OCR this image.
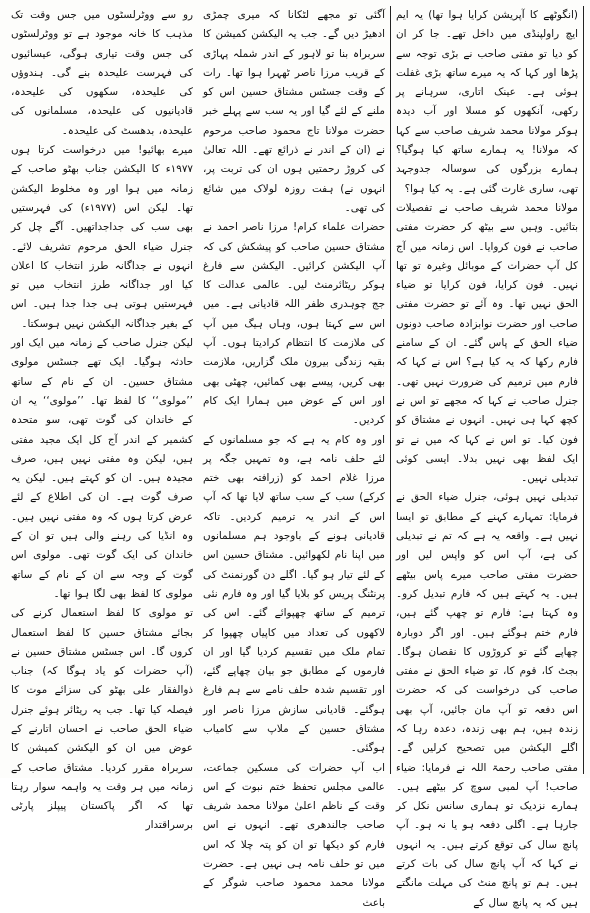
رو سے ووٹرلسٹوں میں جس وقت تک مذہب کا خانہ موجود ہے تو ووٹرلسٹوں کی جس وقت تیاری ہوگی، عیسائیوں کی فہرست علیحدہ بنے گی۔ ہندوؤں کی علیحدہ، سکھوں کی علیحدہ، قادیانیوں کی علیحدہ، مسلمانوں کی علیحدہ، بدھسٹ کی علیحدہ۔

میرے بھائیو! میں درخواست کرتا ہوں ۱۹۷۷ء کا الیکشن جناب بھٹو صاحب کے زمانہ میں ہوا اور وہ مخلوط الیکشن تھا۔ لیکن اس (۱۹۷۷ء) کی فہرستیں بھی سب کی جداجداتھیں۔ آگے چل کر جنرل ضیاء الحق مرحوم تشریف لائے۔ انہوں نے جداگانہ طرز انتخاب کا اعلان کیا اور جداگانہ طرز انتخاب میں تو فہرستیں ہوتی ہی جدا جدا ہیں۔ اس کے بغیر جداگانہ الیکشن نہیں ہوسکتا۔

لیکن جنرل صاحب کے زمانہ میں ایک اور حادثہ ہوگیا۔ ایک تھے جسٹس مولوی مشتاق حسین۔ ان کے نام کے ساتھ ’’مولوی‘‘ کا لفظ تھا۔ ’’مولوی‘‘ یہ ان کے خاندان کی گوت تھی، سو متحدہ کشمیر کے اندر آج کل ایک مجید مفتی ہیں، لیکن وہ مفتی نہیں ہیں، صرف مجیدہ ہیں۔ ان کو کہتے ہیں۔ لیکن یہ صرف گوت ہے۔ ان کی اطلاع کے لئے عرض کرتا ہوں کہ وہ مفتی نہیں ہیں۔ وہ انڈیا کی رہنے والی ہیں تو ان کے خاندان کی ایک گوت تھی۔ مولوی اس گوت کے وجہ سے ان کے نام کے ساتھ مولوی کا لفظ بھی لگا ہوا تھا۔

تو مولوی کا لفظ استعمال کرنے کی بجائے مشتاق حسین کا لفظ استعمال کروں گا۔ اس جسٹس مشتاق حسین نے (آپ حضرات کو یاد ہوگا کہ) جناب ذوالفقار علی بھٹو کی سزائے موت کا فیصلہ کیا تھا۔ جب یہ ریٹائر ہوئے جنرل ضیاء الحق صاحب نے احسان اتارنے کے عوض میں ان کو الیکشن کمیشن کا سربراہ مقرر کردیا۔ مشتاق صاحب کے زمانہ میں ہر وقت یہ واہمہ سوار رہتا تھا کہ اگر پاکستان پیپلز پارٹی برسراقتدار

آگئی تو مجھے لٹکانا کہ میری چمڑی ادھیڑ دیں گے۔ جب یہ الیکشن کمیشن کا سربراہ بنا تو لاہور کے اندر شملہ پہاڑی کے قریب مرزا ناصر ٹھہرا ہوا تھا۔ رات کے وقت جسٹس مشتاق حسین اس کو ملنے کے لئے گیا اور یہ سب سے پہلے خبر حضرت مولانا تاج محمود صاحب مرحوم نے (ان کے اندر نے ذرائع تھے۔ اللہ تعالیٰ کی کروڑ رحمتیں ہوں ان کی تربت پر، انہوں نے) ہفت روزہ لولاک میں شائع کی تھی۔

حضرات علماء کرام! مرزا ناصر احمد نے مشتاق حسین صاحب کو پیشکش کی کہ آپ الیکشن کرائیں۔ الیکشن سے فارغ ہوکر ریٹائرمنٹ لیں۔ عالمی عدالت کا جج چوہدری ظفر اللہ قادیانی ہے۔ میں اس سے کہتا ہوں، وہاں ہیگ میں آپ کی ملازمت کا انتظام کرادیتا ہوں۔ آپ بقیہ زندگی بیرون ملک گزاریں، ملازمت بھی کریں، پیسے بھی کمائیں، چھٹی بھی اور اس کے عوض میں ہمارا ایک کام کردیں۔

اور وہ کام یہ ہے کہ جو مسلمانوں کے لئے حلف نامہ ہے، وہ تمہیں جگہ پر مرزا غلام احمد کو (زرافتہ بھی ختم کرکے) سب کے سب ساتھ لایا تھا کہ آپ اس کے اندر یہ ترمیم کردیں۔ تاکہ قادیانی ہونے کے باوجود ہم مسلمانوں میں اپنا نام لکھوائیں۔ مشتاق حسین اس کے لئے تیار ہو گیا۔ اگلے دن گورنمنٹ کی پرنٹنگ پریس کو بلایا گیا اور وہ فارم نئی ترمیم کے ساتھ چھپوائے گئے۔ اس کی لاکھوں کی تعداد میں کاپیاں چھپوا کر تمام ملک میں تقسیم کردیا گیا اور ان فارموں کے مطابق جو بیان چھاپے گئے، اور تقسیم شدہ حلف نامے سے ہم فارغ ہوگئے۔ قادیانی سازش مرزا ناصر اور مشتاق حسین کے ملاپ سے کامیاب ہوگئی۔

اب آپ حضرات کی مسکین جماعت، عالمی مجلس تحفظ ختم نبوت کے اس وقت کے ناظم اعلیٰ مولانا محمد شریف صاحب جالندھری تھے۔ انہوں نے اس فارم کو دیکھا تو ان کو پتہ چلا کہ اس میں تو حلف نامہ ہی نہیں ہے۔ حضرت مولانا محمد محمود صاحب شوگر کے باعث

(انگوٹھے کا آپریشن کرایا ہوا تھا) یہ ایم ایچ راولپنڈی میں داخل تھے۔ جا کر ان کو دیا تو مفتی صاحب نے بڑی توجہ سے پڑھا اور کہا کہ یہ میرے ساتھ بڑی غفلت ہوئی ہے۔ عینک اتاری، سرہانے پر رکھی، آنکھوں کو مسلا اور آب دیدہ ہوکر مولانا محمد شریف صاحب سے کہا کہ مولانا! یہ ہمارے ساتھ کیا ہوگیا؟ ہمارے بزرگوں کی سوسالہ جدوجہد تھی، ساری غارت گئی ہے۔ یہ کیا ہوا؟

مولانا محمد شریف صاحب نے تفصیلات بتائیں۔ وہیں سے بیٹھ کر حضرت مفتی صاحب نے فون کروایا۔ اس زمانہ میں آج کل آپ حضرات کے موبائل وغیرہ تو تھا نہیں۔ فون کرایا، فون کرایا تو ضیاء الحق نہیں تھا۔ وہ آئے تو حضرت مفتی صاحب اور حضرت نوابزادہ صاحب دونوں ضیاء الحق کے پاس گئے۔ ان کے سامنے فارم رکھا کہ یہ کیا ہے؟ اس نے کہا کہ فارم میں ترمیم کی ضرورت نہیں تھی۔ جنرل صاحب نے کہا کہ مجھے تو اس نے کچھ کہا ہی نہیں۔ انہوں نے مشتاق کو فون کیا۔ تو اس نے کہا کہ میں نے تو ایک لفظ بھی نہیں بدلا۔ ایسی کوئی تبدیلی نہیں۔

تبدیلی نہیں ہوئی، جنرل ضیاء الحق نے فرمایا: تمہارے کہنے کے مطابق تو ایسا نہیں ہے۔ واقعہ یہ ہے کہ تم نے تبدیلی کی ہے، آپ اس کو واپس لیں اور حضرت مفتی صاحب میرے پاس بیٹھے ہیں۔ یہ کہتے ہیں کہ فارم تبدیل کرو۔ وہ کہتا ہے: فارم تو چھپ گئے ہیں، فارم ختم ہوگئے ہیں۔ اور اگر دوبارہ چھاپے گئے تو کروڑوں کا نقصان ہوگا۔ بجٹ کا، قوم کا، تو ضیاء الحق نے مفتی صاحب کی درخواست کی کہ حضرت اس دفعہ تو آپ مان جائیں، آپ بھی زندہ ہیں، ہم بھی زندہ، دعدہ رہا کہ اگلے الیکشن میں تصحیح کرلیں گے۔ مفتی صاحب رحمۃ اللہ نے فرمایا: ضیاء صاحب! آپ لمبی سوچ کر بیٹھے ہیں۔ ہمارے نزدیک تو ہماری سانس نکل کر جارہا ہے۔ اگلی دفعہ ہو یا نہ ہو۔ آپ پانچ سال کی توقع کرتے ہیں۔ یہ انہوں نے کہا کہ آپ پانچ سال کی بات کرتے ہیں۔ ہم تو پانچ منٹ کی مہلت مانگتے ہیں کہ یہ پانچ سال کے
